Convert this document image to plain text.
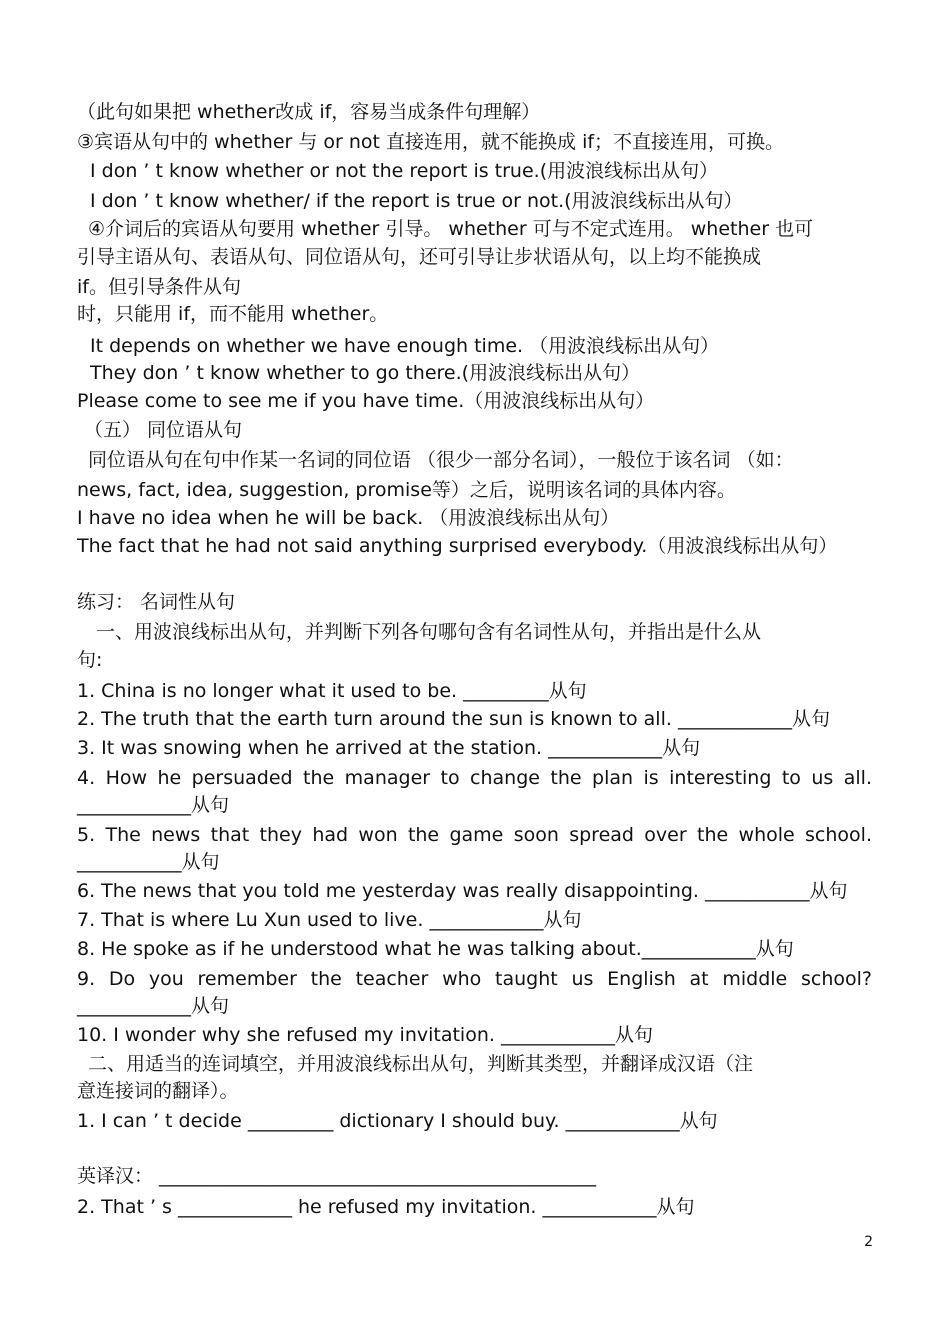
（此句如果把 whether改成 if，容易当成条件句理解）
③宾语从句中的 whether 与 or not 直接连用，就不能换成 if；不直接连用，可换。
I don ’ t know whether or not the report is true.(用波浪线标出从句）
I don ’ t know whether/ if the report is true or not.(用波浪线标出从句）
④介词后的宾语从句要用 whether 引导。 whether 可与不定式连用。 whether 也可
引导主语从句、表语从句、同位语从句，还可引导让步状语从句，以上均不能换成
if。但引导条件从句
时，只能用 if，而不能用 whether。
It depends on whether we have enough time. （用波浪线标出从句）
They don ’ t know whether to go there.(用波浪线标出从句）
Please come to see me if you have time.（用波浪线标出从句）
（五） 同位语从句
同位语从句在句中作某一名词的同位语 （很少一部分名词），一般位于该名词 （如：
news, fact, idea, suggestion, promise等）之后，说明该名词的具体内容。
I have no idea when he will be back. （用波浪线标出从句）
The fact that he had not said anything surprised everybody.（用波浪线标出从句）
练习： 名词性从句
一、用波浪线标出从句，并判断下列各句哪句含有名词性从句，并指出是什么从
句:
1. China is no longer what it used to be. _________从句
2. The truth that the earth turn around the sun is known to all. ____________从句
3. It was snowing when he arrived at the station. ____________从句
4. How he persuaded the manager to change the plan is interesting to us all.
____________从句
5. The news that they had won the game soon spread over the whole school.
___________从句
6. The news that you told me yesterday was really disappointing. ___________从句
7. That is where Lu Xun used to live. ____________从句
8. He spoke as if he understood what he was talking about.____________从句
9. Do you remember the teacher who taught us English at middle school?
____________从句
10. I wonder why she refused my invitation. ____________从句
二、用适当的连词填空，并用波浪线标出从句，判断其类型，并翻译成汉语（注
意连接词的翻译）。
1. I can ’ t decide _________ dictionary I should buy. ____________从句
英译汉： ______________________________________________
2. That ’ s ____________ he refused my invitation. ____________从句
2
